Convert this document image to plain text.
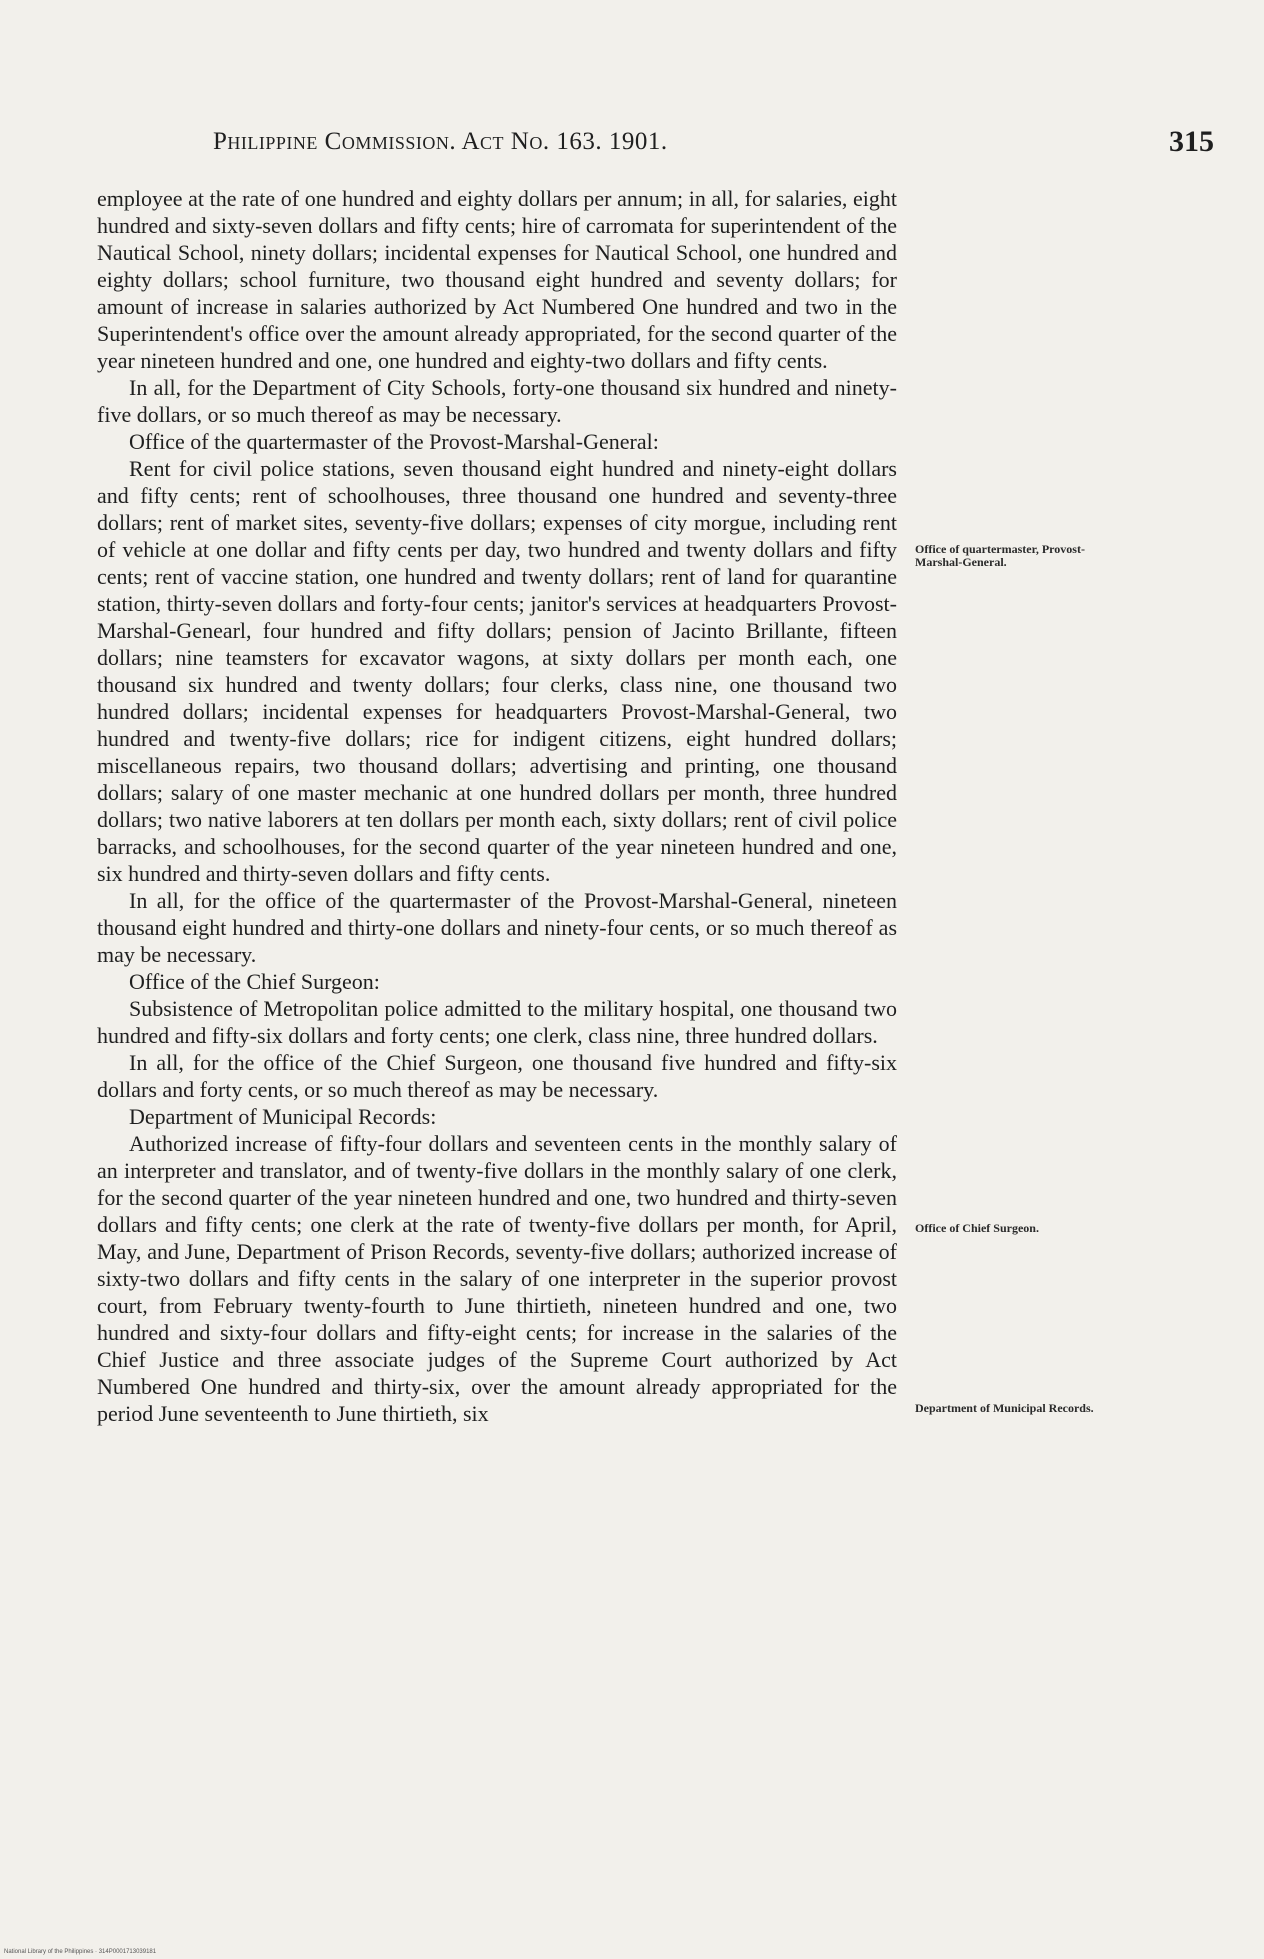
Philippine Commission. Act No. 163. 1901.	315

employee at the rate of one hundred and eighty dollars per annum; in all, for salaries, eight hundred and sixty-seven dollars and fifty cents; hire of carromata for superintendent of the Nautical School, ninety dollars; incidental expenses for Nautical School, one hundred and eighty dollars; school furniture, two thousand eight hundred and seventy dollars; for amount of increase in salaries authorized by Act Numbered One hundred and two in the Superintendent's office over the amount already appropriated, for the second quarter of the year nineteen hundred and one, one hundred and eighty-two dollars and fifty cents.

In all, for the Department of City Schools, forty-one thousand six hundred and ninety-five dollars, or so much thereof as may be necessary.

Office of the quartermaster of the Provost-Marshal-General:

Rent for civil police stations, seven thousand eight hundred and ninety-eight dollars and fifty cents; rent of schoolhouses, three thousand one hundred and seventy-three dollars; rent of market sites, seventy-five dollars; expenses of city morgue, including rent of vehicle at one dollar and fifty cents per day, two hundred and twenty dollars and fifty cents; rent of vaccine station, one hundred and twenty dollars; rent of land for quarantine station, thirty-seven dollars and forty-four cents; janitor's services at headquarters Provost-Marshal-Genearl, four hundred and fifty dollars; pension of Jacinto Brillante, fifteen dollars; nine teamsters for excavator wagons, at sixty dollars per month each, one thousand six hundred and twenty dollars; four clerks, class nine, one thousand two hundred dollars; incidental expenses for headquarters Provost-Marshal-General, two hundred and twenty-five dollars; rice for indigent citizens, eight hundred dollars; miscellaneous repairs, two thousand dollars; advertising and printing, one thousand dollars; salary of one master mechanic at one hundred dollars per month, three hundred dollars; two native laborers at ten dollars per month each, sixty dollars; rent of civil police barracks, and schoolhouses, for the second quarter of the year nineteen hundred and one, six hundred and thirty-seven dollars and fifty cents.

In all, for the office of the quartermaster of the Provost-Marshal-General, nineteen thousand eight hundred and thirty-one dollars and ninety-four cents, or so much thereof as may be necessary.

Office of the Chief Surgeon:

Subsistence of Metropolitan police admitted to the military hospital, one thousand two hundred and fifty-six dollars and forty cents; one clerk, class nine, three hundred dollars.

In all, for the office of the Chief Surgeon, one thousand five hundred and fifty-six dollars and forty cents, or so much thereof as may be necessary.

Department of Municipal Records:

Authorized increase of fifty-four dollars and seventeen cents in the monthly salary of an interpreter and translator, and of twenty-five dollars in the monthly salary of one clerk, for the second quarter of the year nineteen hundred and one, two hundred and thirty-seven dollars and fifty cents; one clerk at the rate of twenty-five dollars per month, for April, May, and June, Department of Prison Records, seventy-five dollars; authorized increase of sixty-two dollars and fifty cents in the salary of one interpreter in the superior provost court, from February twenty-fourth to June thirtieth, nineteen hundred and one, two hundred and sixty-four dollars and fifty-eight cents; for increase in the salaries of the Chief Justice and three associate judges of the Supreme Court authorized by Act Numbered One hundred and thirty-six, over the amount already appropriated for the period June seventeenth to June thirtieth, six

Office of quartermaster, Provost-Marshal-General.
Office of Chief Surgeon.
Department of Municipal Records.
National Library of the Philippines · 314P0001713039181
